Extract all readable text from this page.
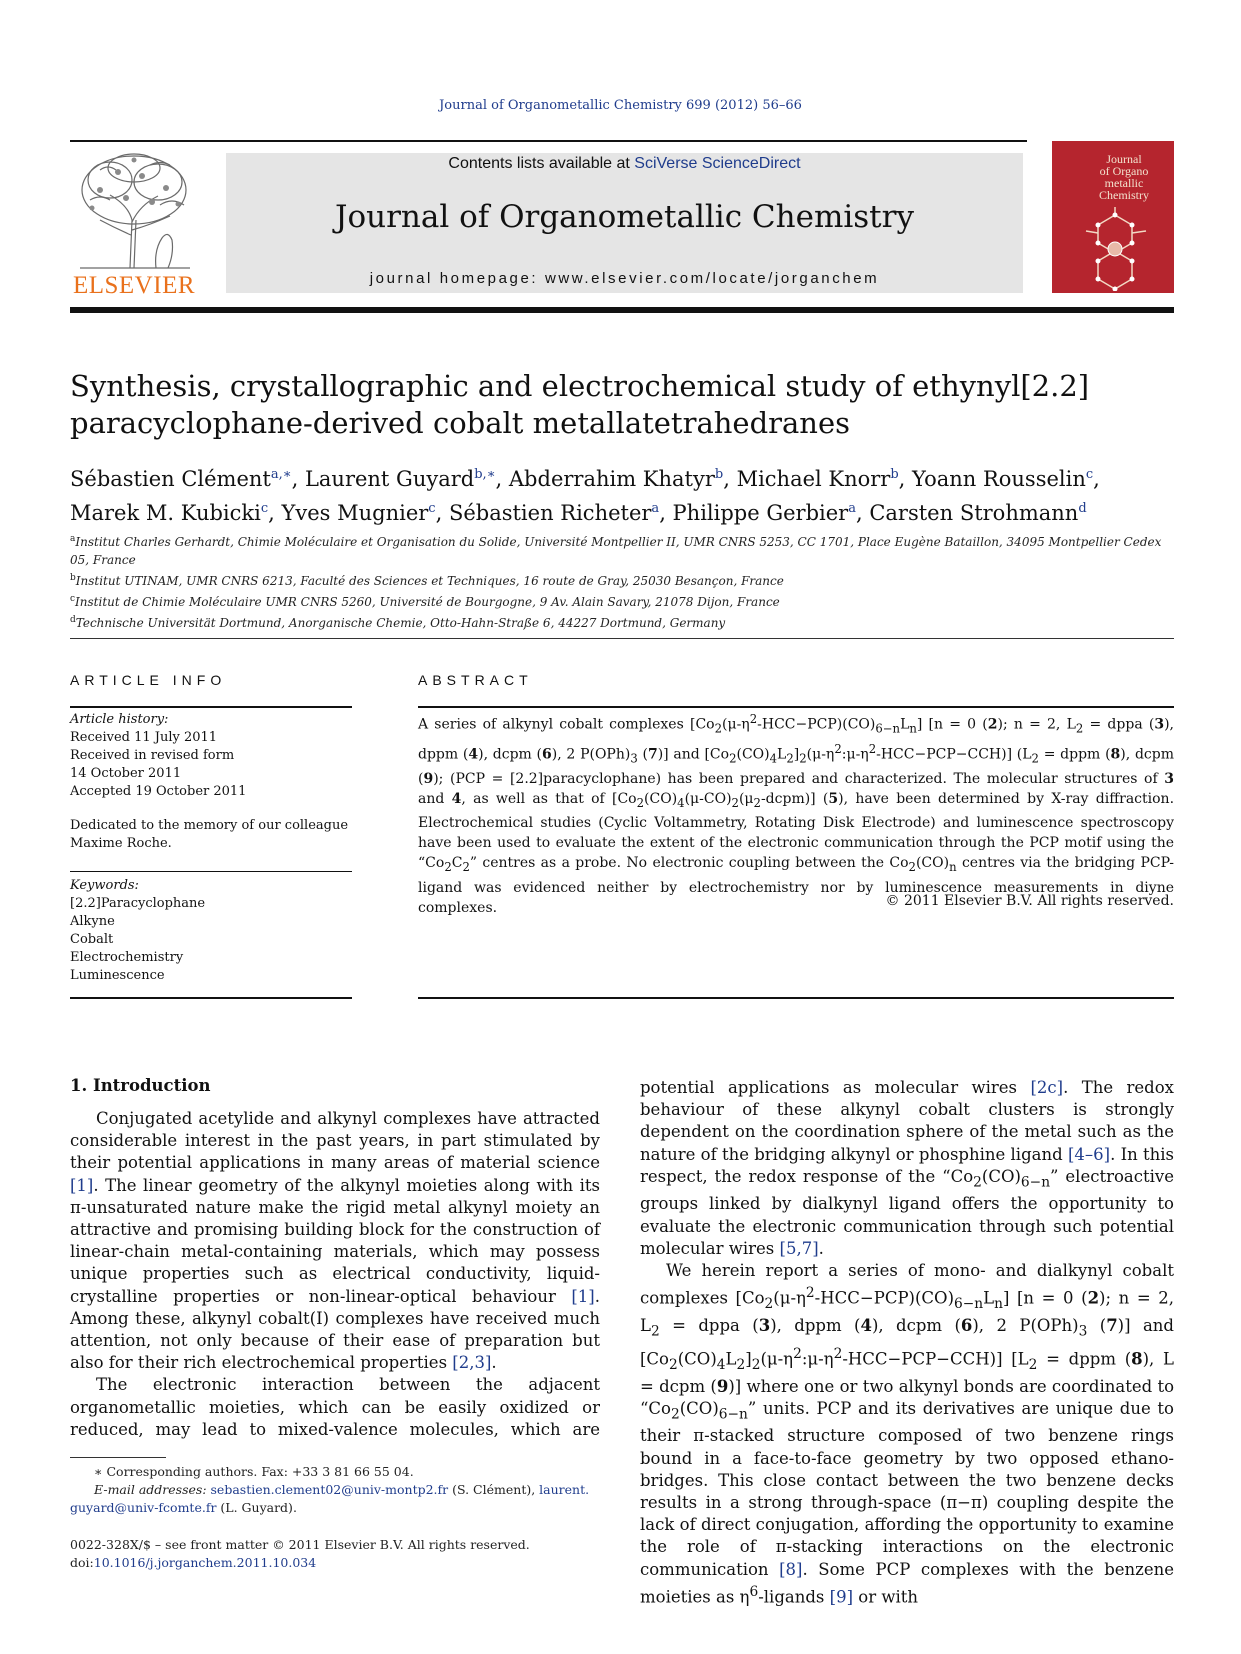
Journal of Organometallic Chemistry 699 (2012) 56–66
ELSEVIER
Contents lists available at SciVerse ScienceDirect
Journal of Organometallic Chemistry
journal homepage: www.elsevier.com/locate/jorganchem
Journal
of Organo
metallic
Chemistry
Synthesis, crystallographic and electrochemical study of ethynyl[2.2]
paracyclophane-derived cobalt metallatetrahedranes
Sébastien Clément$^{a,∗}$, Laurent Guyard$^{b,∗}$, Abderrahim Khatyr$^b$, Michael Knorr$^b$, Yoann Rousselin$^c$,
Marek M. Kubicki$^c$, Yves Mugnier$^c$, Sébastien Richeter$^a$, Philippe Gerbier$^a$, Carsten Strohmann$^d$
$^a$Institut Charles Gerhardt, Chimie Moléculaire et Organisation du Solide, Université Montpellier II, UMR CNRS 5253, CC 1701, Place Eugène Bataillon, 34095 Montpellier Cedex 05, France
$^b$Institut UTINAM, UMR CNRS 6213, Faculté des Sciences et Techniques, 16 route de Gray, 25030 Besançon, France
$^c$Institut de Chimie Moléculaire UMR CNRS 5260, Université de Bourgogne, 9 Av. Alain Savary, 21078 Dijon, France
$^d$Technische Universität Dortmund, Anorganische Chemie, Otto-Hahn-Straße 6, 44227 Dortmund, Germany
ARTICLE INFO	ABSTRACT
Article history:
Received 11 July 2011
Received in revised form
14 October 2011
Accepted 19 October 2011
Dedicated to the memory of our colleague
Maxime Roche.
Keywords:
[2.2]Paracyclophane
Alkyne
Cobalt
Electrochemistry
Luminescence
A series of alkynyl cobalt complexes $[Co_2(\mu-\eta^2-HCC-PCP)(CO)_{6-n}L_n] [n = 0$ (2); n = 2, $L_2$ = dppa (3), dppm (4), dcpm (6), 2 $P(OPh)_3$ (7)] and $[Co_2(CO)_4L_2]_2(\mu-\eta^2:\mu-\eta^2-HCC-PCP-CCH)$] ($L_2$ = dppm (8), dcpm (9); (PCP = [2.2]paracyclophane) has been prepared and characterized. The molecular structures of 3 and 4, as well as that of $[Co_2(CO)_4(\mu-CO)_2(\mu_2-dcpm)]$ (5), have been determined by X-ray diffraction. Electrochemical studies (Cyclic Voltammetry, Rotating Disk Electrode) and luminescence spectroscopy have been used to evaluate the extent of the electronic communication through the PCP motif using the “$Co_2C_2$” centres as a probe. No electronic coupling between the $Co_2(CO)_n$ centres via the bridging PCP-ligand was evidenced neither by electrochemistry nor by luminescence measurements in diyne complexes.	© 2011 Elsevier B.V. All rights reserved.
1. Introduction

Conjugated acetylide and alkynyl complexes have attracted considerable interest in the past years, in part stimulated by their potential applications in many areas of material science [1]. The linear geometry of the alkynyl moieties along with its π-unsaturated nature make the rigid metal alkynyl moiety an attractive and promising building block for the construction of linear-chain metal-containing materials, which may possess unique properties such as electrical conductivity, liquid-crystalline properties or non-linear-optical behaviour [1]. Among these, alkynyl cobalt(I) complexes have received much attention, not only because of their ease of preparation but also for their rich electrochemical properties [2,3].

The electronic interaction between the adjacent organometallic moieties, which can be easily oxidized or reduced, may lead to mixed-valence molecules, which are

potential applications as molecular wires [2c]. The redox behaviour of these alkynyl cobalt clusters is strongly dependent on the coordination sphere of the metal such as the nature of the bridging alkynyl or phosphine ligand [4–6]. In this respect, the redox response of the “$Co_2(CO)_{6-n}$” electroactive groups linked by dialkynyl ligand offers the opportunity to evaluate the electronic communication through such potential molecular wires [5,7].

We herein report a series of mono- and dialkynyl cobalt complexes $[Co_2(\mu-\eta^2-HCC-PCP)(CO)_{6-n}L_n] [n = 0$ (2); n = 2, $L_2$ = dppa (3), dppm (4), dcpm (6), 2 $P(OPh)_3$ (7)] and $[Co_2(CO)_4L_2]_2(\mu-\eta^2:\mu-\eta^2-HCC-PCP-CCH)$] [$L_2$ = dppm (8), L = dcpm (9)] where one or two alkynyl bonds are coordinated to “$Co_2(CO)_{6-n}$” units. PCP and its derivatives are unique due to their π-stacked structure composed of two benzene rings bound in a face-to-face geometry by two opposed ethano-bridges. This close contact between the two benzene decks results in a strong through-space (π−π) coupling despite the lack of direct conjugation, affording the opportunity to examine the role of π-stacking interactions on the electronic communication [8]. Some PCP complexes with the benzene moieties as $\eta^6$-ligands [9] or with

∗ Corresponding authors. Fax: +33 3 81 66 55 04.
E-mail addresses: sebastien.clement02@univ-montp2.fr (S. Clément), laurent.
guyard@univ-fcomte.fr (L. Guyard).
0022-328X/$ – see front matter © 2011 Elsevier B.V. All rights reserved.
doi:10.1016/j.jorganchem.2011.10.034
